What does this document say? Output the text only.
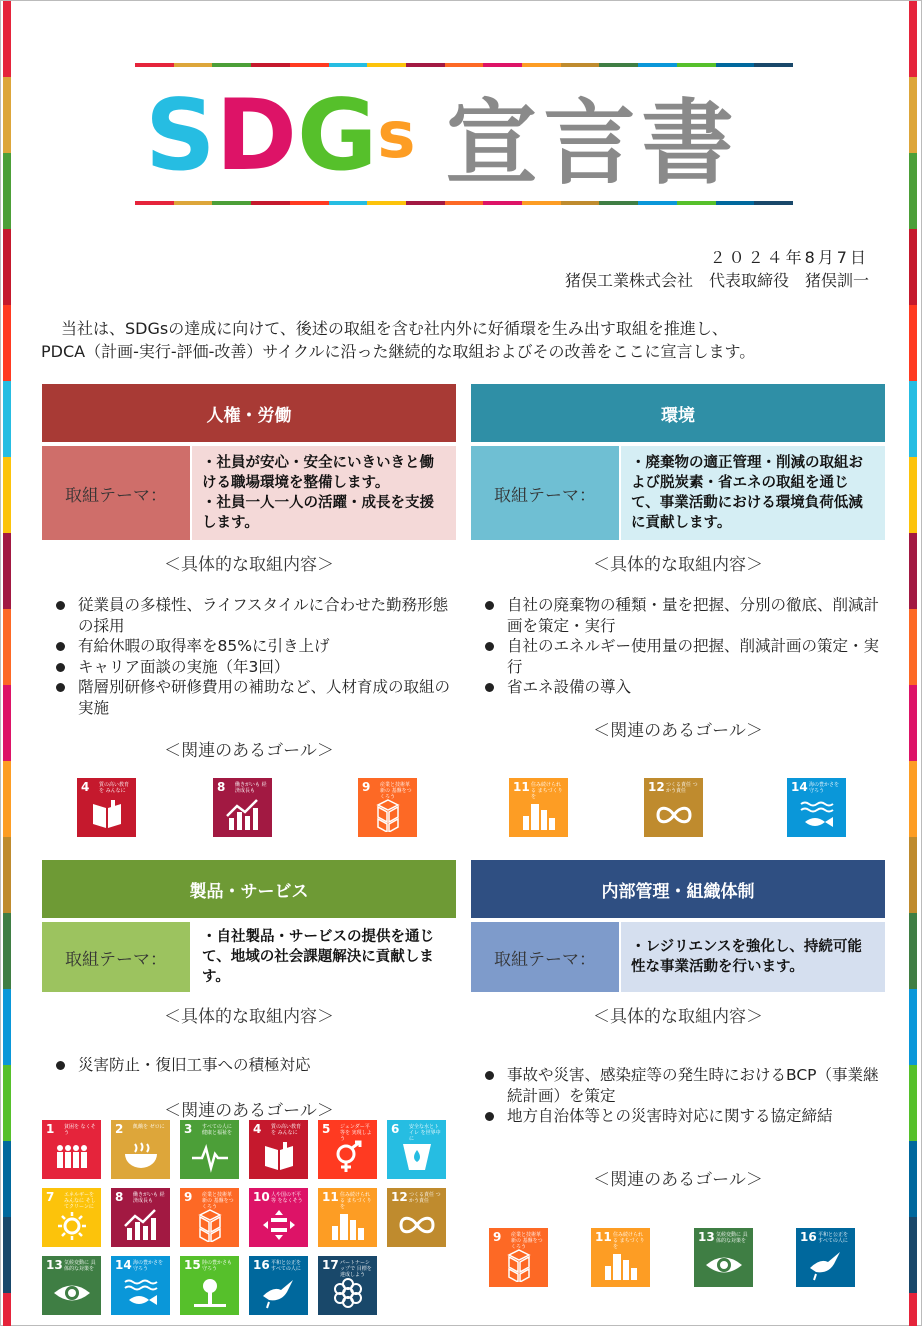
S D G s 宣言書
２０２４年8月7日
猪俣工業株式会社　代表取締役　猪俣訓一

当社は、SDGsの達成に向けて、後述の取組を含む社内外に好循環を生み出す取組を推進し、

PDCA（計画-実行-評価-改善）サイクルに沿った継続的な取組およびその改善をここに宣言します。

人権・労働
取組テーマ：
・社員が安心・安全にいきいきと働ける職場環境を整備します。
・社員一人一人の活躍・成長を支援します。
＜具体的な取組内容＞
従業員の多様性、ライフスタイルに合わせた勤務形態の採用
有給休暇の取得率を85%に引き上げ
キャリア面談の実施（年3回）
階層別研修や研修費用の補助など、人材育成の取組の実施
＜関連のあるゴール＞
環境
取組テーマ：
・廃棄物の適正管理・削減の取組および脱炭素・省エネの取組を通じて、事業活動における環境負荷低減に貢献します。
＜具体的な取組内容＞
自社の廃棄物の種類・量を把握、分別の徹底、削減計画を策定・実行
自社のエネルギー使用量の把握、削減計画の策定・実行
省エネ設備の導入
＜関連のあるゴール＞
製品・サービス
取組テーマ：
・自社製品・サービスの提供を通じて、地域の社会課題解決に貢献します。
＜具体的な取組内容＞
災害防止・復旧工事への積極対応
＜関連のあるゴール＞
内部管理・組織体制
取組テーマ：
・レジリエンスを強化し、持続可能性な事業活動を行います。
＜具体的な取組内容＞
事故や災害、感染症等の発生時におけるBCP（事業継続計画）を策定
地方自治体等との災害時対応に関する協定締結
＜関連のあるゴール＞
4 質の高い教育を みんなに	8 働きがいも 経済成長も	9 産業と技術革新の 基盤をつくろう
11 住み続けられる まちづくりを
12 つくる責任 つかう責任	14 海の豊かさを 守ろう
1 貧困を なくそう	2 飢餓を ゼロに 3 すべての人に 健康と福祉を	4 質の高い教育を みんなに	5 ジェンダー平等を 実現しよう
6 安全な水とトイレ を世界中に
7 エネルギーをみんなに そしてクリーンに
8 働きがいも 経済成長も	9 産業と技術革新の 基盤をつくろう
10 人や国の不平等 をなくそう 11 住み続けられる まちづくりを
12 つくる責任 つかう責任
13 気候変動に 具体的な対策を	14 海の豊かさを 守ろう	15 陸の豊かさも 守ろう	16 平和と公正を すべての人に	17 パートナーシップで 目標を達成しよう
9 産業と技術革新の 基盤をつくろう
11 住み続けられる まちづくりを
13 気候変動に 具体的な対策を	16 平和と公正を すべての人に
